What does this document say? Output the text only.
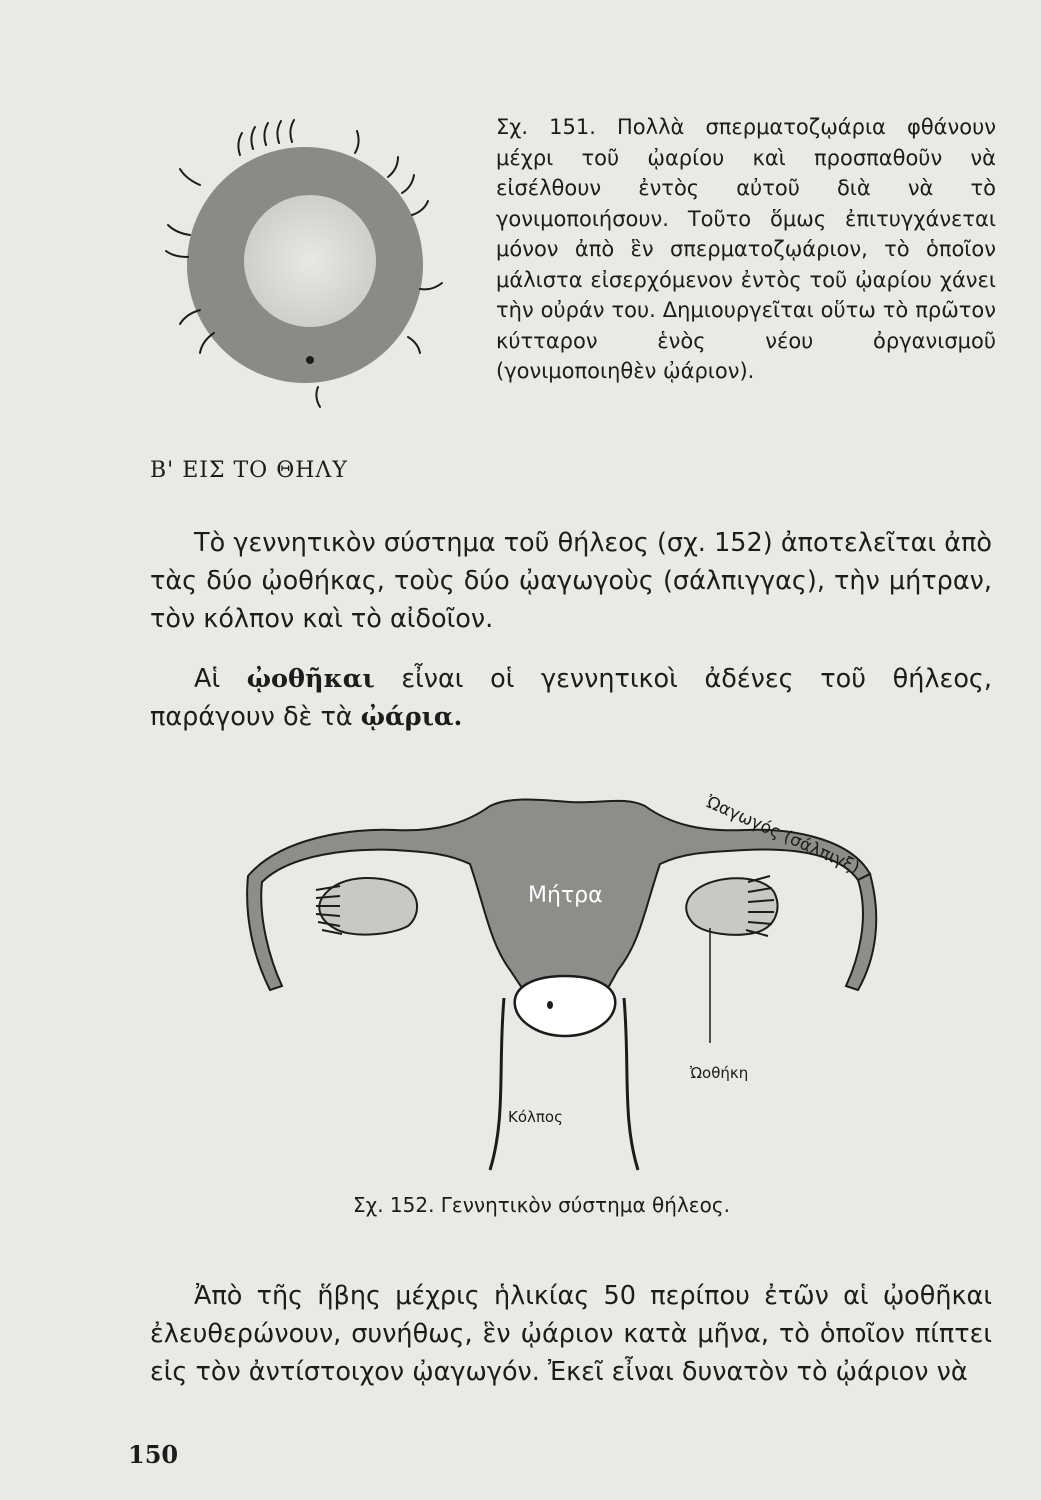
Σχ. 151. Πολλὰ σπερματοζῳάρια φθάνουν μέχρι τοῦ ᾠαρίου καὶ προσπαθοῦν νὰ εἰσέλθουν ἐντὸς αὐτοῦ διὰ νὰ τὸ γονιμοποιήσουν. Τοῦτο ὅμως ἐπιτυγχάνεται μόνον ἀπὸ ἓν σπερματοζῳάριον, τὸ ὁποῖον μάλιστα εἰσερχόμενον ἐντὸς τοῦ ᾠαρίου χάνει τὴν οὐράν του. Δημιουργεῖται οὕτω τὸ πρῶτον κύτταρον ἑνὸς νέου ὀργανισμοῦ (γονιμοποιηθὲν ᾠάριον).

Β' ΕΙΣ ΤΟ ΘΗΛΥ

Τὸ γεννητικὸν σύστημα τοῦ θήλεος (σχ. 152) ἀποτελεῖται ἀπὸ τὰς δύο ᾠοθήκας, τοὺς δύο ᾠαγωγοὺς (σάλπιγγας), τὴν μήτραν, τὸν κόλπον καὶ τὸ αἰδοῖον.

Αἱ ᾠοθῆκαι εἶναι οἱ γεννητικοὶ ἀδένες τοῦ θήλεος, παράγουν δὲ τὰ ᾠάρια.

Μήτρα
Ὠοθήκη
Κόλπος
Ὠαγωγός (σάλπιγξ)

Σχ. 152. Γεννητικὸν σύστημα θήλεος.

Ἀπὸ τῆς ἥβης μέχρις ἡλικίας 50 περίπου ἐτῶν αἱ ᾠοθῆκαι ἐλευθερώνουν, συνήθως, ἓν ᾠάριον κατὰ μῆνα, τὸ ὁποῖον πίπτει εἰς τὸν ἀντίστοιχον ᾠαγωγόν. Ἐκεῖ εἶναι δυνατὸν τὸ ᾠάριον νὰ

150
